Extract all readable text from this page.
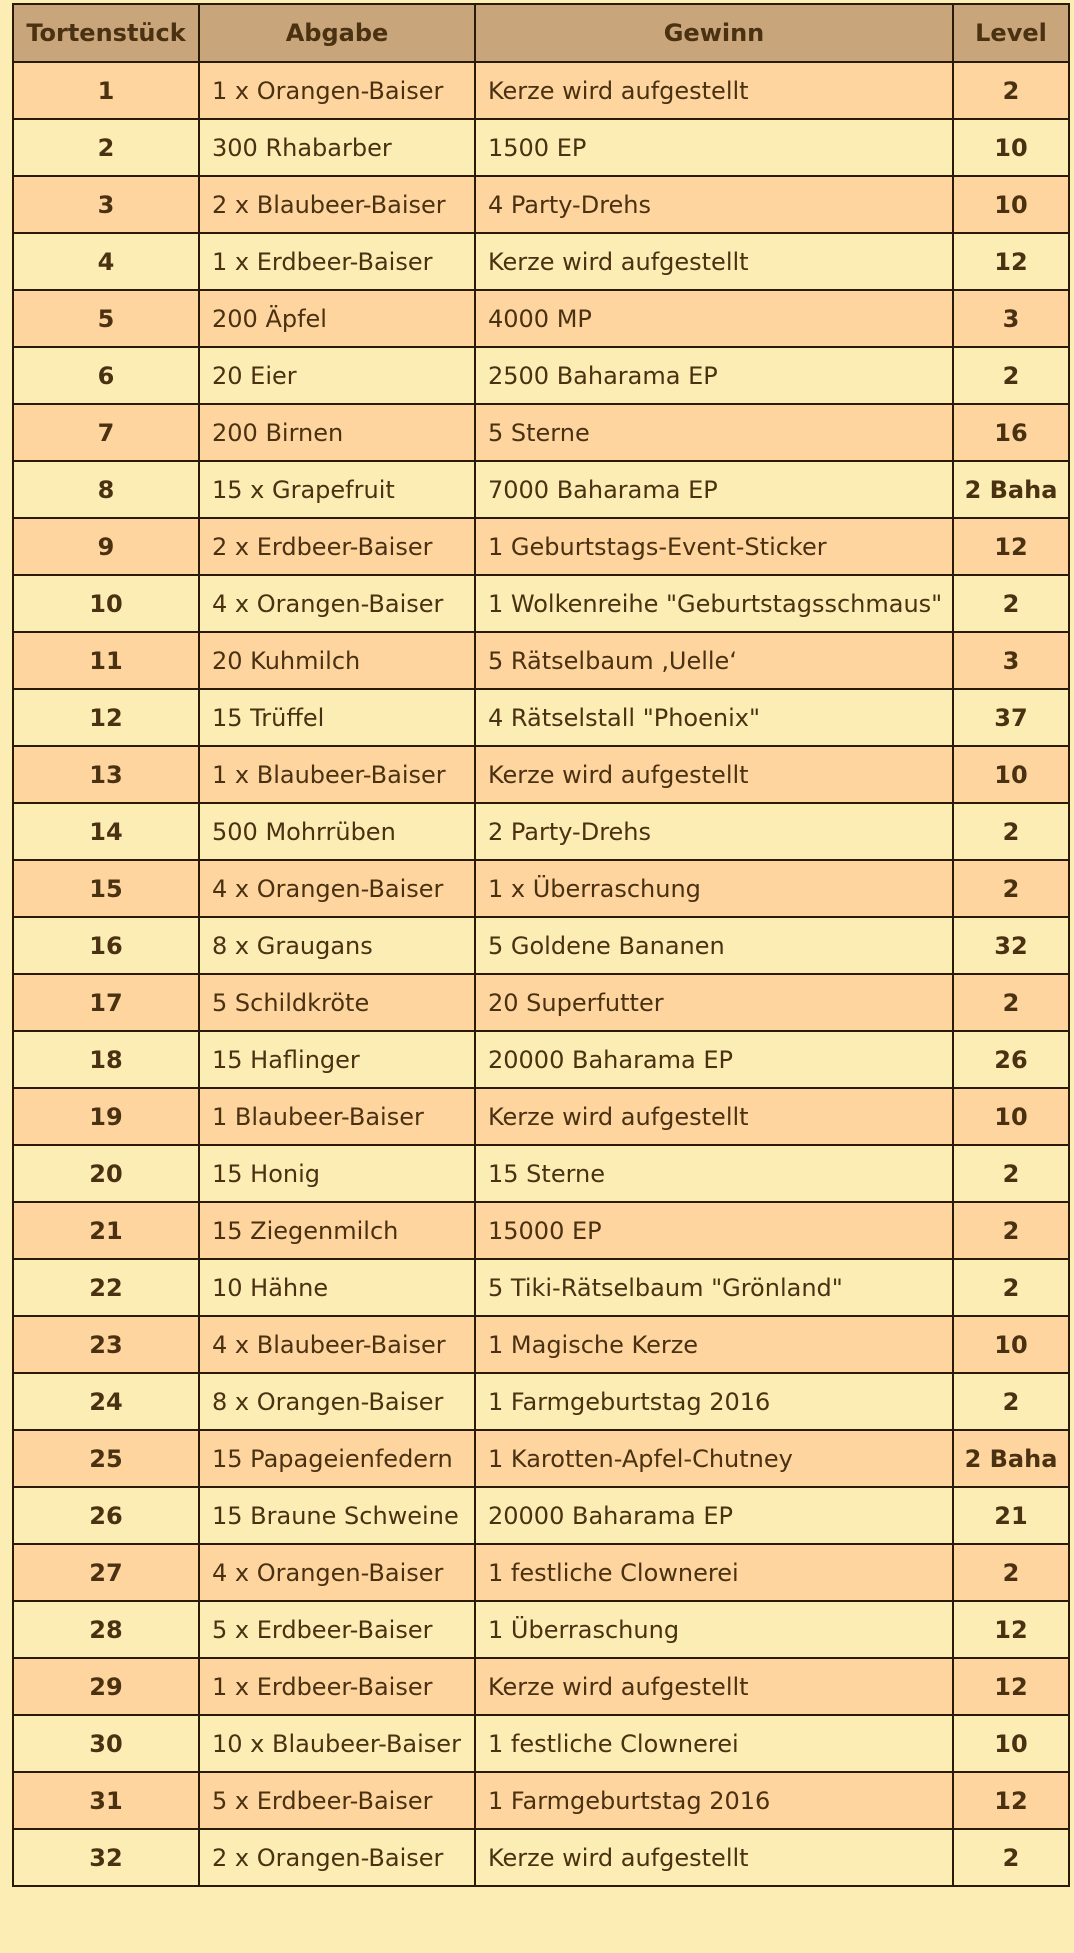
Tortenstück	Abgabe	Gewinn	Level
1	1 x Orangen-Baiser	Kerze wird aufgestellt	2
2	300 Rhabarber	1500 EP	10
3	2 x Blaubeer-Baiser	4 Party-Drehs	10
4	1 x Erdbeer-Baiser	Kerze wird aufgestellt	12
5	200 Äpfel	4000 MP	3
6	20 Eier	2500 Baharama EP	2
7	200 Birnen	5 Sterne	16
8	15 x Grapefruit	7000 Baharama EP	2 Baha
9	2 x Erdbeer-Baiser	1 Geburtstags-Event-Sticker	12
10	4 x Orangen-Baiser	1 Wolkenreihe "Geburtstagsschmaus"	2
11	20 Kuhmilch	5 Rätselbaum ‚Uelle‘	3
12	15 Trüffel	4 Rätselstall "Phoenix"	37
13	1 x Blaubeer-Baiser	Kerze wird aufgestellt	10
14	500 Mohrrüben	2 Party-Drehs	2
15	4 x Orangen-Baiser	1 x Überraschung	2
16	8 x Graugans	5 Goldene Bananen	32
17	5 Schildkröte	20 Superfutter	2
18	15 Haflinger	20000 Baharama EP	26
19	1 Blaubeer-Baiser	Kerze wird aufgestellt	10
20	15 Honig	15 Sterne	2
21	15 Ziegenmilch	15000 EP	2
22	10 Hähne	5 Tiki-Rätselbaum "Grönland"	2
23	4 x Blaubeer-Baiser	1 Magische Kerze	10
24	8 x Orangen-Baiser	1 Farmgeburtstag 2016	2
25	15 Papageienfedern	1 Karotten-Apfel-Chutney	2 Baha
26	15 Braune Schweine	20000 Baharama EP	21
27	4 x Orangen-Baiser	1 festliche Clownerei	2
28	5 x Erdbeer-Baiser	1 Überraschung	12
29	1 x Erdbeer-Baiser	Kerze wird aufgestellt	12
30	10 x Blaubeer-Baiser	1 festliche Clownerei	10
31	5 x Erdbeer-Baiser	1 Farmgeburtstag 2016	12
32	2 x Orangen-Baiser	Kerze wird aufgestellt	2
